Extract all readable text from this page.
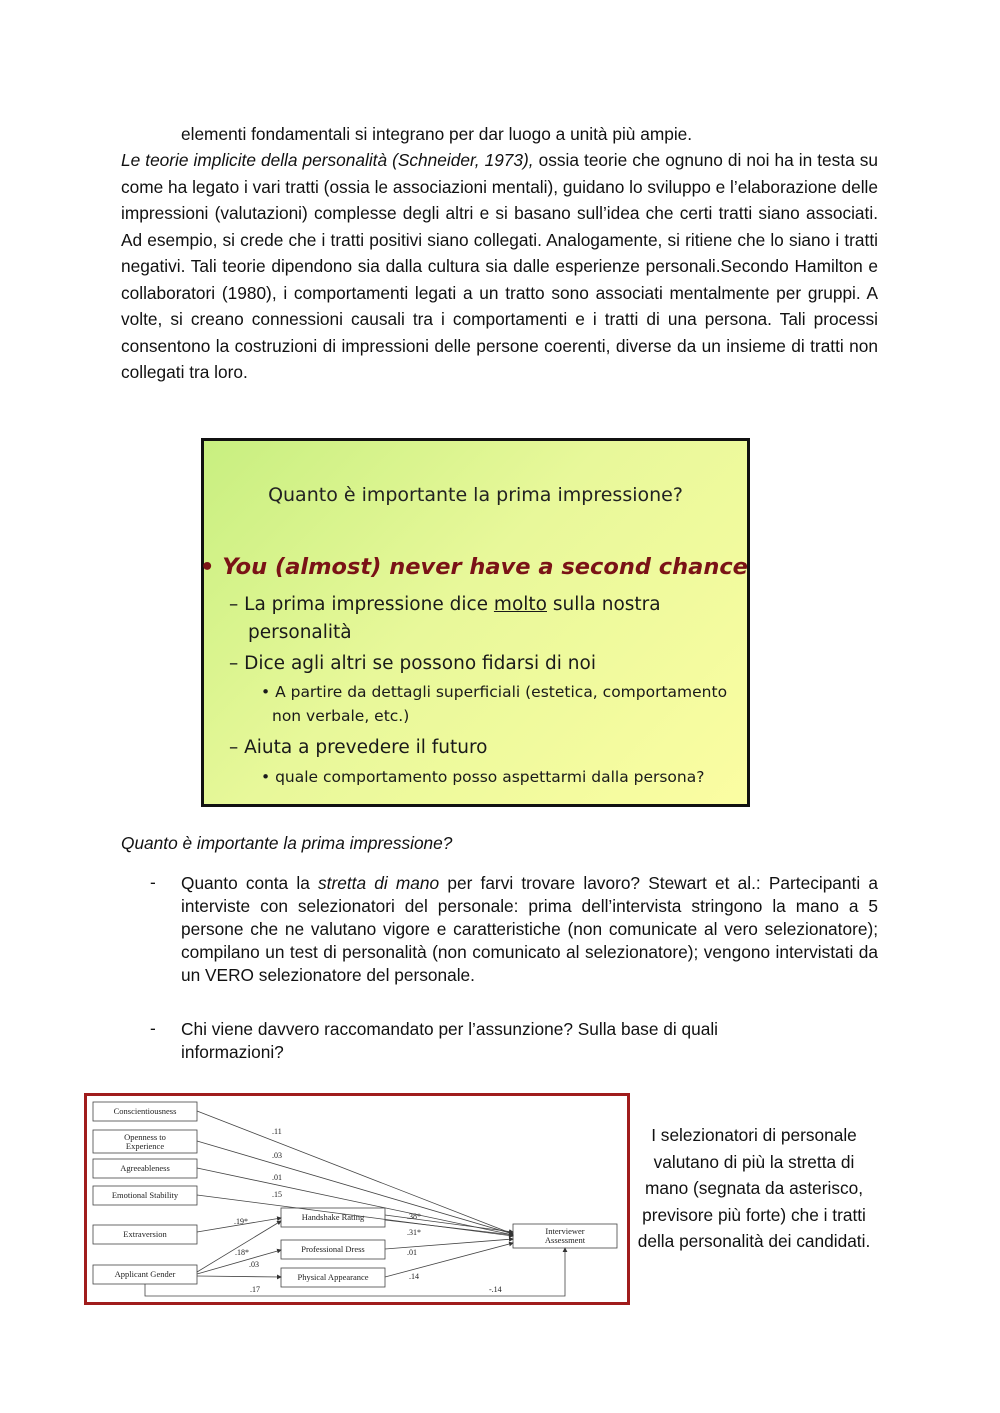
elementi fondamentali si integrano per dar luogo a unità più ampie.
Le teorie implicite della personalità (Schneider, 1973), ossia teorie che ognuno di noi ha in testa su come ha legato i vari tratti (ossia le associazioni mentali), guidano lo sviluppo e l’elaborazione delle impressioni (valutazioni) complesse degli altri e si basano sull’idea che certi tratti siano associati. Ad esempio, si crede che i tratti positivi siano collegati. Analogamente, si ritiene che lo siano i tratti negativi. Tali teorie dipendono sia dalla cultura sia dalle esperienze personali.Secondo Hamilton e collaboratori (1980), i comportamenti legati a un tratto sono associati mentalmente per gruppi. A volte, si creano connessioni causali tra i comportamenti e i tratti di una persona. Tali processi consentono la costruzioni di impressioni delle persone coerenti, diverse da un insieme di tratti non collegati tra loro.
Quanto è importante la prima impressione?
• You (almost) never have a second chance
– La prima impressione dice molto sulla nostra
personalità
– Dice agli altri se possono fidarsi di noi
• A partire da dettagli superficiali (estetica, comportamento
non verbale, etc.)
– Aiuta a prevedere il futuro
• quale comportamento posso aspettarmi dalla persona?
Quanto è importante la prima impressione?
- Quanto conta la stretta di mano per farvi trovare lavoro? Stewart et al.: Partecipanti a interviste con selezionatori del personale: prima dell’intervista stringono la mano a 5 persone che ne valutano vigore e caratteristiche (non comunicate al vero selezionatore); compilano un test di personalità (non comunicato al selezionatore); vengono intervistati da un VERO selezionatore del personale.
- Chi viene davvero raccomandato per l’assunzione? Sulla base di quali informazioni?
Conscientiousness
Openness to
Experience
Agreeableness
Emotional Stability
Extraversion
Applicant Gender
Handshake Rating
Professional Dress
Physical Appearance
Interviewer
Assessment
.11
.03
.01
.15
.19*
.18*
.03
.38*
.31*
.01
.14
.17	-.14
I selezionatori di personale valutano di più la stretta di mano (segnata da asterisco, previsore più forte) che i tratti della personalità dei candidati.
